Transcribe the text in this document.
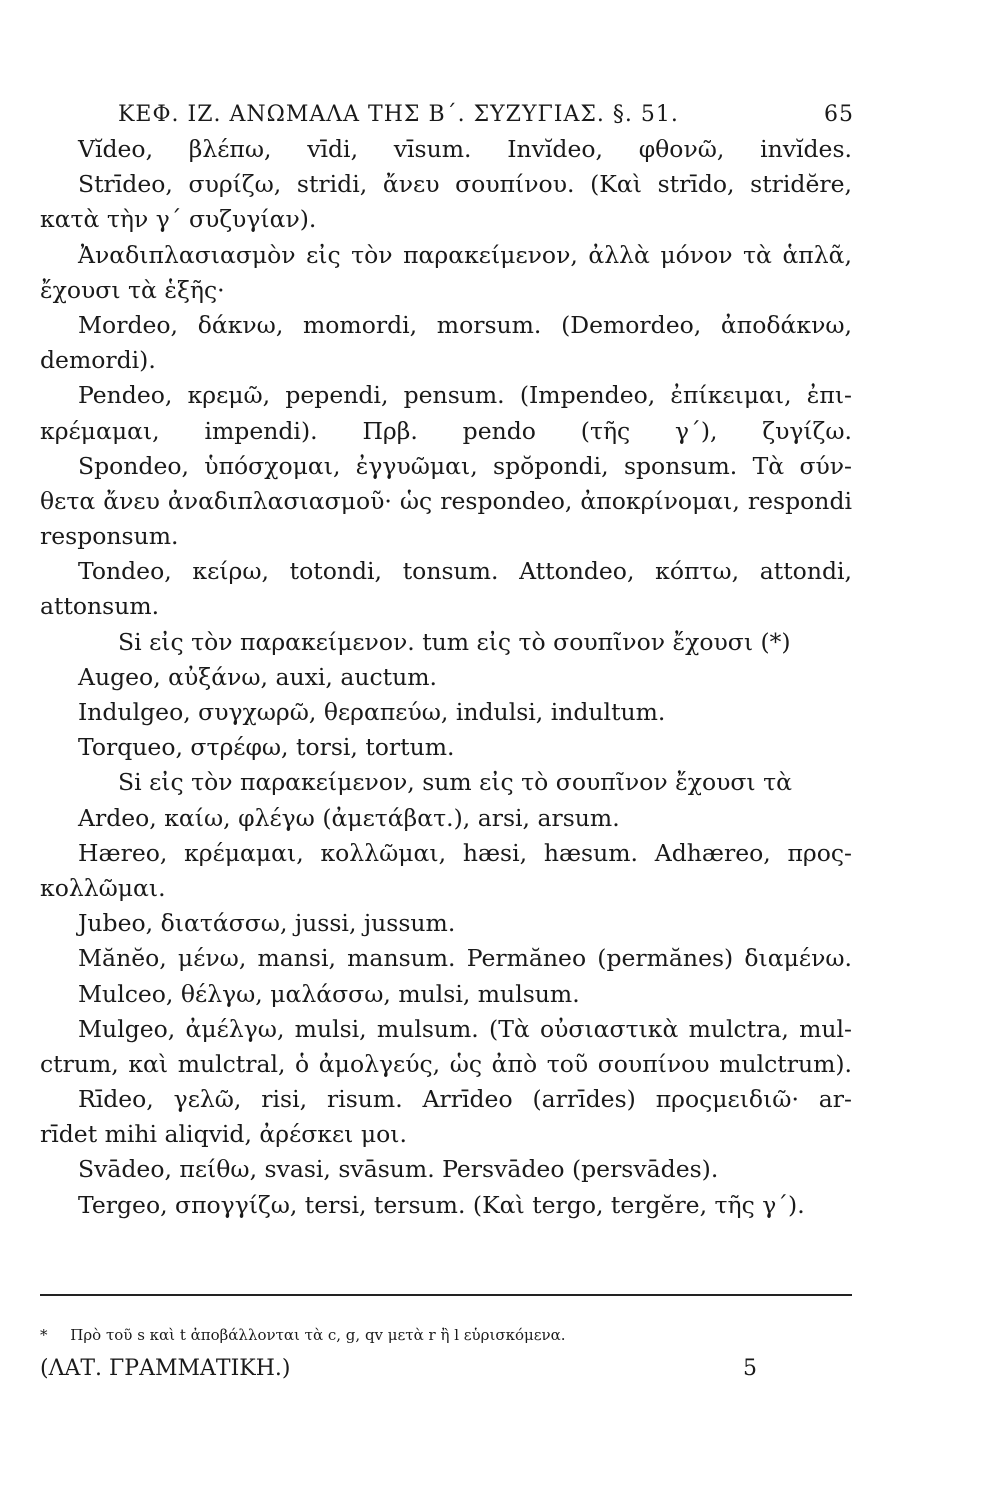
ΚΕΦ. ΙΖ. ΑΝΩΜΑΛΑ ΤΗΣ Β΄. ΣΥΖΥΓΙΑΣ. §. 51.	65
Vĭdeo, βλέπω, vīdi, vīsum. Invĭdeo, φθονῶ, invĭdes.
Strīdeo, συρίζω, stridi, ἄνευ σουπίνου. (Καὶ strīdo, stridĕre,
κατὰ τὴν γ΄ συζυγίαν).
Ἀναδιπλασιασμὸν εἰς τὸν παρακείμενον, ἀλλὰ μόνον τὰ ἁπλᾶ,
ἔχουσι τὰ ἑξῆς·
Mordeo, δάκνω, momordi, morsum. (Demordeo, ἀποδάκνω,
demordi).
Pendeo, κρεμῶ, pependi, pensum. (Impendeo, ἐπίκειμαι, ἐπι-
κρέμαμαι, impendi). Πρβ. pendo (τῆς γ΄), ζυγίζω.
Spondeo, ὑπόσχομαι, ἐγγυῶμαι, spŏpondi, sponsum. Τὰ σύν-
θετα ἄνευ ἀναδιπλασιασμοῦ· ὡς respondeo, ἀποκρίνομαι, respondi
responsum.
Tondeo, κείρω, totondi, tonsum. Attondeo, κόπτω, attondi,
attonsum.
Si εἰς τὸν παρακείμενον. tum εἰς τὸ σουπῖνον ἔχουσι (*)
Augeo, αὐξάνω, auxi, auctum.
Indulgeo, συγχωρῶ, θεραπεύω, indulsi, indultum.
Torqueo, στρέφω, torsi, tortum.
Si εἰς τὸν παρακείμενον, sum εἰς τὸ σουπῖνον ἔχουσι τὰ
Ardeo, καίω, φλέγω (ἀμετάβατ.), arsi, arsum.
Hæreo, κρέμαμαι, κολλῶμαι, hæsi, hæsum. Adhæreo, προς-
κολλῶμαι.
Jubeo, διατάσσω, jussi, jussum.
Mănĕo, μένω, mansi, mansum. Permăneo (permănes) διαμένω.
Mulceo, θέλγω, μαλάσσω, mulsi, mulsum.
Mulgeo, ἀμέλγω, mulsi, mulsum. (Τὰ οὐσιαστικὰ mulctra, mul-
ctrum, καὶ mulctral, ὁ ἀμολγεύς, ὡς ἀπὸ τοῦ σουπίνου mulctrum).
Rīdeo, γελῶ, risi, risum. Arrīdeo (arrīdes) προςμειδιῶ· ar-
rīdet mihi aliqvid, ἀρέσκει μοι.
Svādeo, πείθω, svasi, svāsum. Persvādeo (persvādes).
Tergeo, σπογγίζω, tersi, tersum. (Καὶ tergo, tergĕre, τῆς γ΄).
* Πρὸ τοῦ s καὶ t ἀποβάλλονται τὰ c, g, qv μετὰ r ἢ l εὑρισκόμενα.
(ΛΑΤ. ΓΡΑΜΜΑΤΙΚΗ.)	5
